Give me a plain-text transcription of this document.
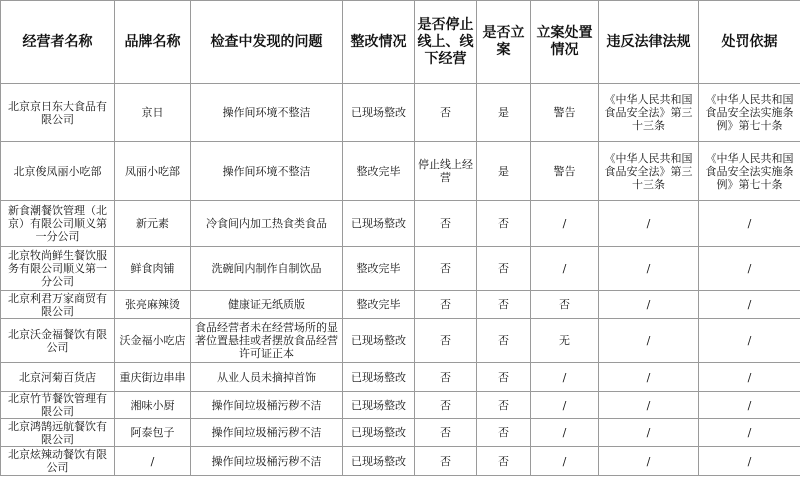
经营者名称	品牌名称	检查中发现的问题	整改情况	是否停止线上、线下经营	是否立案	立案处置情况	违反法律法规	处罚依据
北京京日东大食品有限公司	京日	操作间环境不整洁	已现场整改	否	是	警告	《中华人民共和国食品安全法》第三十三条	《中华人民共和国食品安全法实施条例》第七十条
北京俊凤丽小吃部	凤丽小吃部	操作间环境不整洁	整改完毕	停止线上经营	是	警告	《中华人民共和国食品安全法》第三十三条	《中华人民共和国食品安全法实施条例》第七十条
新食潮餐饮管理（北京）有限公司顺义第一分公司	新元素	冷食间内加工热食类食品	已现场整改	否	否	/	/	/
北京牧尚鲜生餐饮服务有限公司顺义第一分公司	鲜食肉铺	洗碗间内制作自制饮品	整改完毕	否	否	/	/	/
北京利君万家商贸有限公司	张亮麻辣烫	健康证无纸质版	整改完毕	否	否	否	/	/
北京沃金福餐饮有限公司	沃金福小吃店	食品经营者未在经营场所的显著位置悬挂或者摆放食品经营许可证正本	已现场整改	否	否	无	/	/
北京河菊百货店	重庆街边串串	从业人员未摘掉首饰	已现场整改	否	否	/	/	/
北京竹节餐饮管理有限公司	湘味小厨	操作间垃圾桶污秽不洁	已现场整改	否	否	/	/	/
北京鸿鹄远航餐饮有限公司	阿泰包子	操作间垃圾桶污秽不洁	已现场整改	否	否	/	/	/
北京炫辣动餐饮有限公司	/	操作间垃圾桶污秽不洁	已现场整改	否	否	/	/	/
